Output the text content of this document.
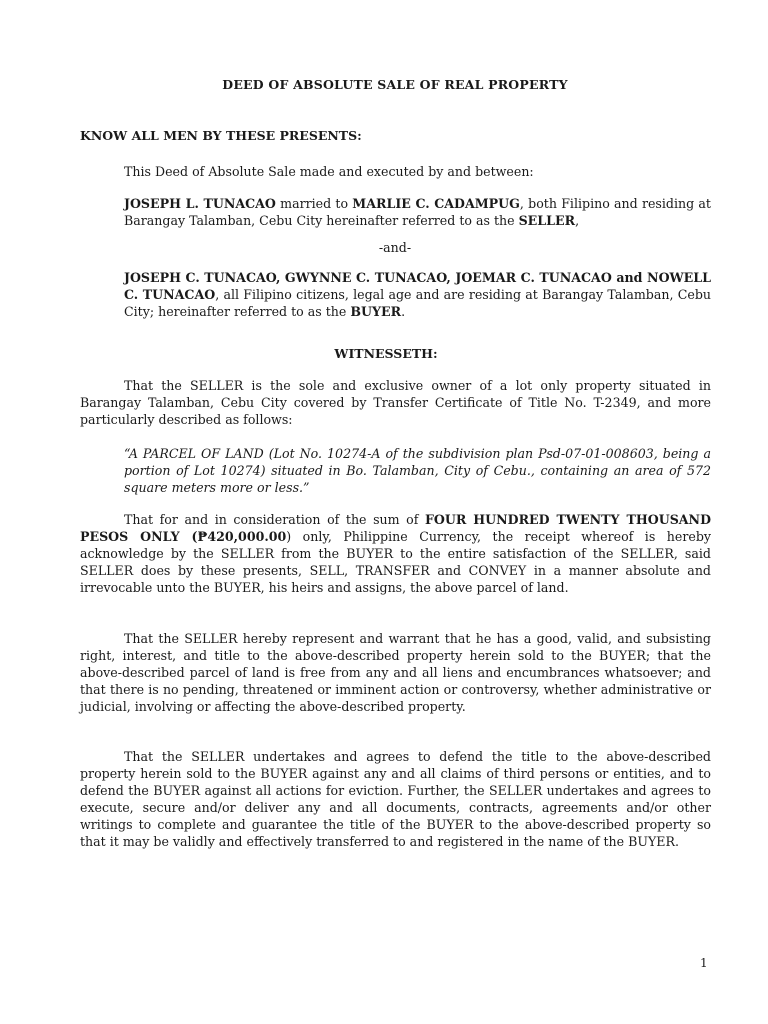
DEED OF ABSOLUTE SALE OF REAL PROPERTY
KNOW ALL MEN BY THESE PRESENTS:

This Deed of Absolute Sale made and executed by and between:

JOSEPH L. TUNACAO married to MARLIE C. CADAMPUG, both Filipino and residing at Barangay Talamban, Cebu City hereinafter referred to as the SELLER,

-and-

JOSEPH C. TUNACAO, GWYNNE C. TUNACAO, JOEMAR C. TUNACAO and NOWELL C. TUNACAO, all Filipino citizens, legal age and are residing at Barangay Talamban, Cebu City; hereinafter referred to as the BUYER.

WITNESSETH:

That the SELLER is the sole and exclusive owner of a lot only property situated in Barangay Talamban, Cebu City covered by Transfer Certificate of Title No. T-2349, and more particularly described as follows:

“A PARCEL OF LAND (Lot No. 10274-A of the subdivision plan Psd-07-01-008603, being a portion of Lot 10274) situated in Bo. Talamban, City of Cebu., containing an area of 572 square meters more or less.”

That for and in consideration of the sum of FOUR HUNDRED TWENTY THOUSAND PESOS ONLY (₱420,000.00) only, Philippine Currency, the receipt whereof is hereby acknowledge by the SELLER from the BUYER to the entire satisfaction of the SELLER, said SELLER does by these presents, SELL, TRANSFER and CONVEY in a manner absolute and irrevocable unto the BUYER, his heirs and assigns, the above parcel of land.

That the SELLER hereby represent and warrant that he has a good, valid, and subsisting right, interest, and title to the above-described property herein sold to the BUYER; that the above-described parcel of land is free from any and all liens and encumbrances whatsoever; and that there is no pending, threatened or imminent action or controversy, whether administrative or judicial, involving or affecting the above-described property.

That the SELLER undertakes and agrees to defend the title to the above-described property herein sold to the BUYER against any and all claims of third persons or entities, and to defend the BUYER against all actions for eviction. Further, the SELLER undertakes and agrees to execute, secure and/or deliver any and all documents, contracts, agreements and/or other writings to complete and guarantee the title of the BUYER to the above-described property so that it may be validly and effectively transferred to and registered in the name of the BUYER.

1
